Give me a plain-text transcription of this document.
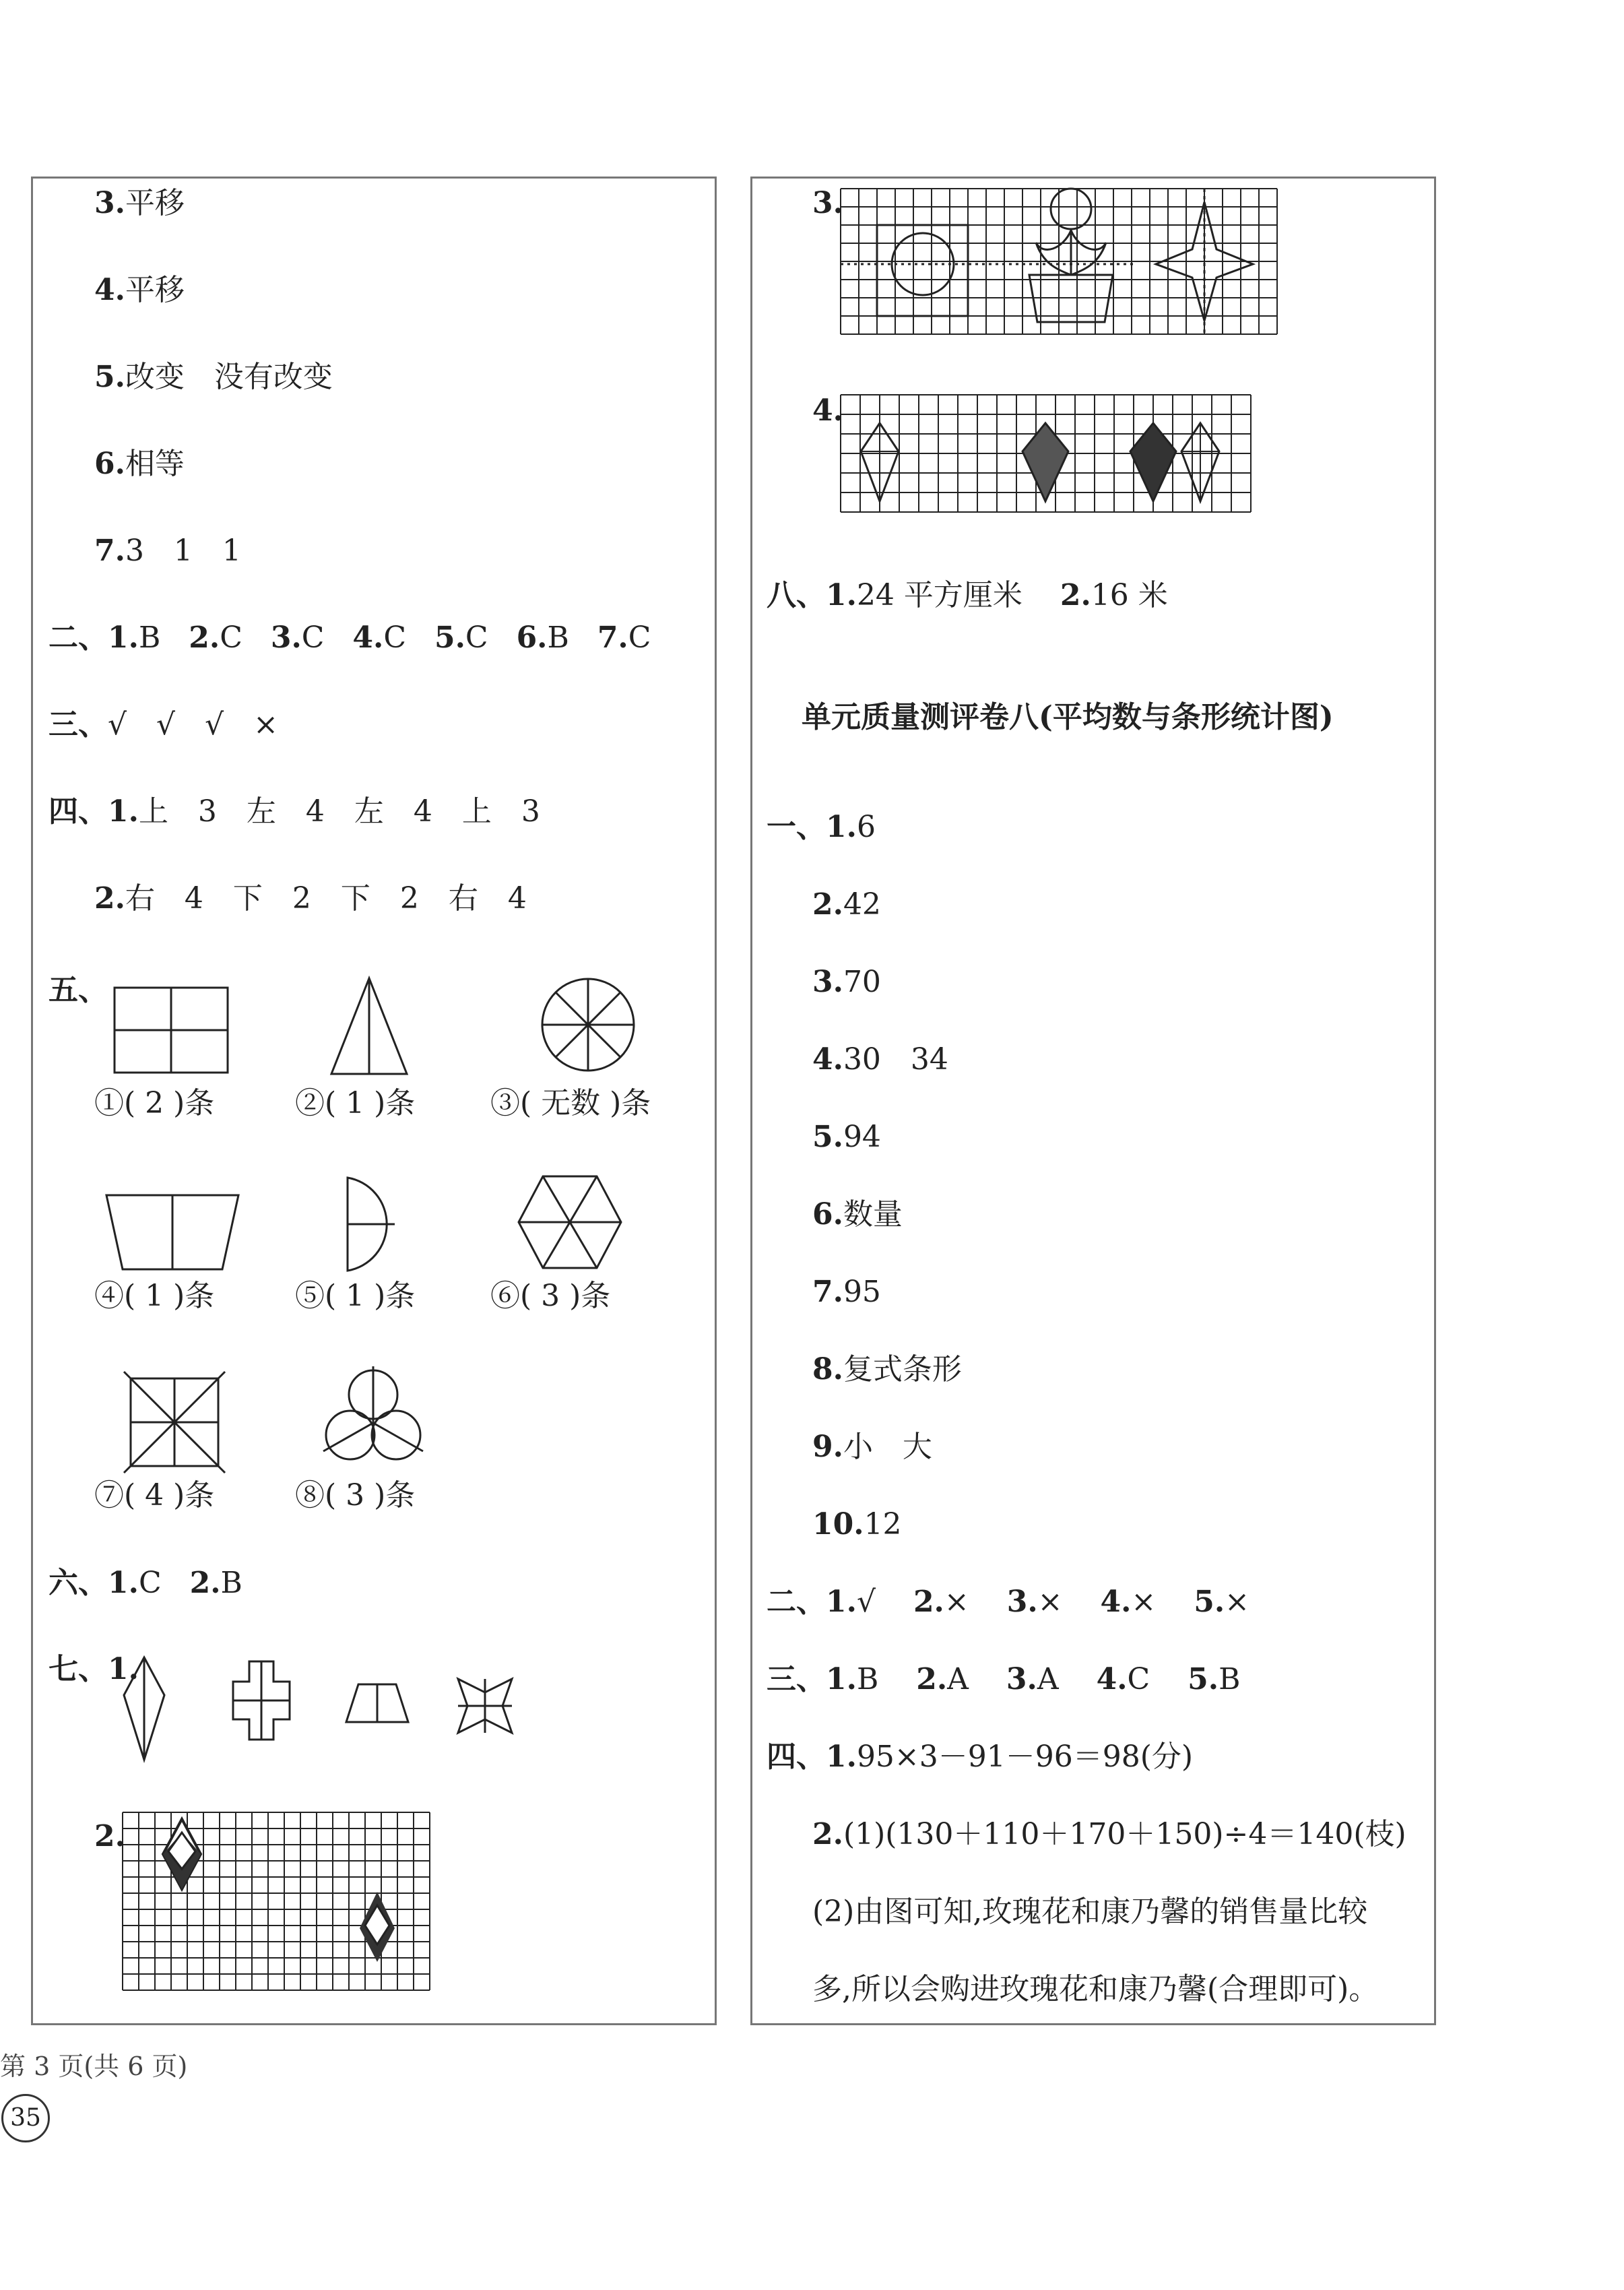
3.平移
4.平移
5.改变　没有改变
6.相等
7.3　1　1
二、1.B 2.C 3.C 4.C 5.C 6.B 7.C
三、√　√　√　×
四、1.上　3　左　4　左　4　上　3
2.右　4　下　2　下　2　右　4
五、
①( 2 )条	②( 1 )条	③( 无数 )条
④( 1 )条	⑤( 1 )条	⑥( 3 )条
⑦( 4 )条	⑧( 3 )条
六、1.C 2.B
七、1.
2.
3.
4.
八、1.24 平方厘米 2.16 米
单元质量测评卷八(平均数与条形统计图)
一、1.6
2.42
3.70
4.30　34
5.94
6.数量
7.95
8.复式条形
9.小　大
10.12
二、1.√ 2.× 3.× 4.× 5.×
三、1.B 2.A 3.A 4.C 5.B
四、1.95×3－91－96＝98(分)
2.(1)(130＋110＋170＋150)÷4＝140(枝)
(2)由图可知,玫瑰花和康乃馨的销售量比较
多,所以会购进玫瑰花和康乃馨(合理即可)。
第 3 页(共 6 页)
35
